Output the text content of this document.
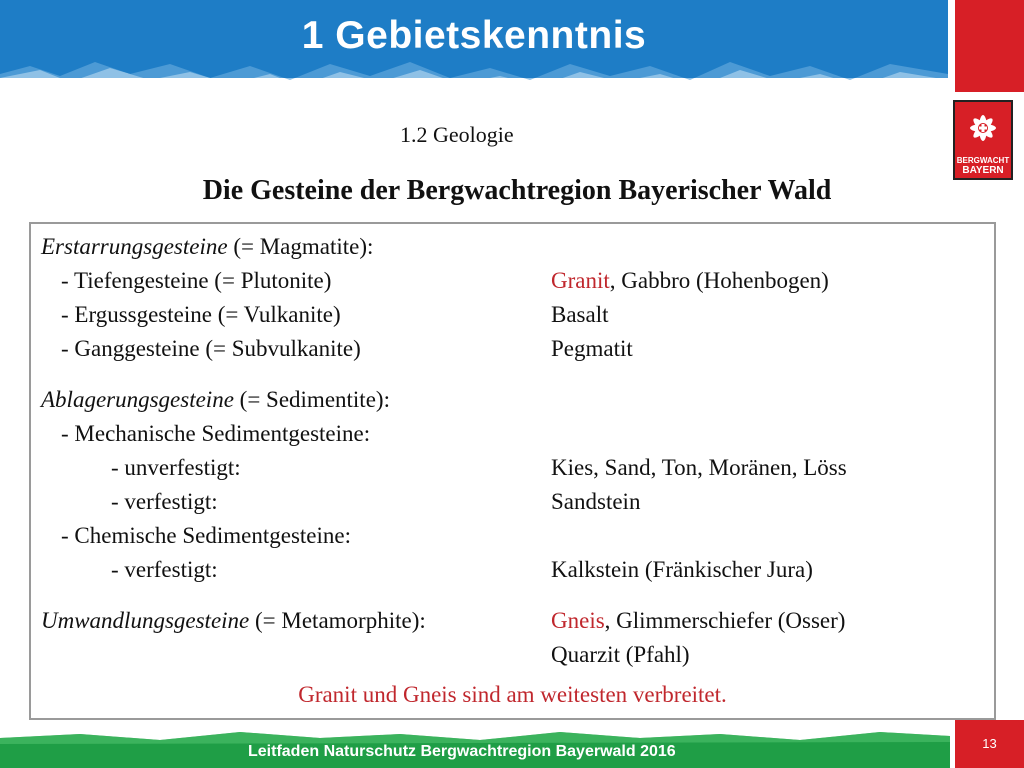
1 Gebietskenntnis
BERGWACHT
BAYERN
1.2 Geologie
Die Gesteine der Bergwachtregion Bayerischer Wald
Erstarrungsgesteine (= Magmatite):
- Tiefengesteine (= Plutonite)	Granit, Gabbro (Hohenbogen)
- Ergussgesteine (= Vulkanite)	Basalt
- Ganggesteine (= Subvulkanite)	Pegmatit
Ablagerungsgesteine (= Sedimentite):
- Mechanische Sedimentgesteine:
- unverfestigt:	Kies, Sand, Ton, Moränen, Löss
- verfestigt:	Sandstein
- Chemische Sedimentgesteine:
- verfestigt:	Kalkstein (Fränkischer Jura)
Umwandlungsgesteine (= Metamorphite):	Gneis, Glimmerschiefer (Osser)
Quarzit (Pfahl)
Granit und Gneis sind am weitesten verbreitet.
Leitfaden Naturschutz Bergwachtregion Bayerwald 2016	13
